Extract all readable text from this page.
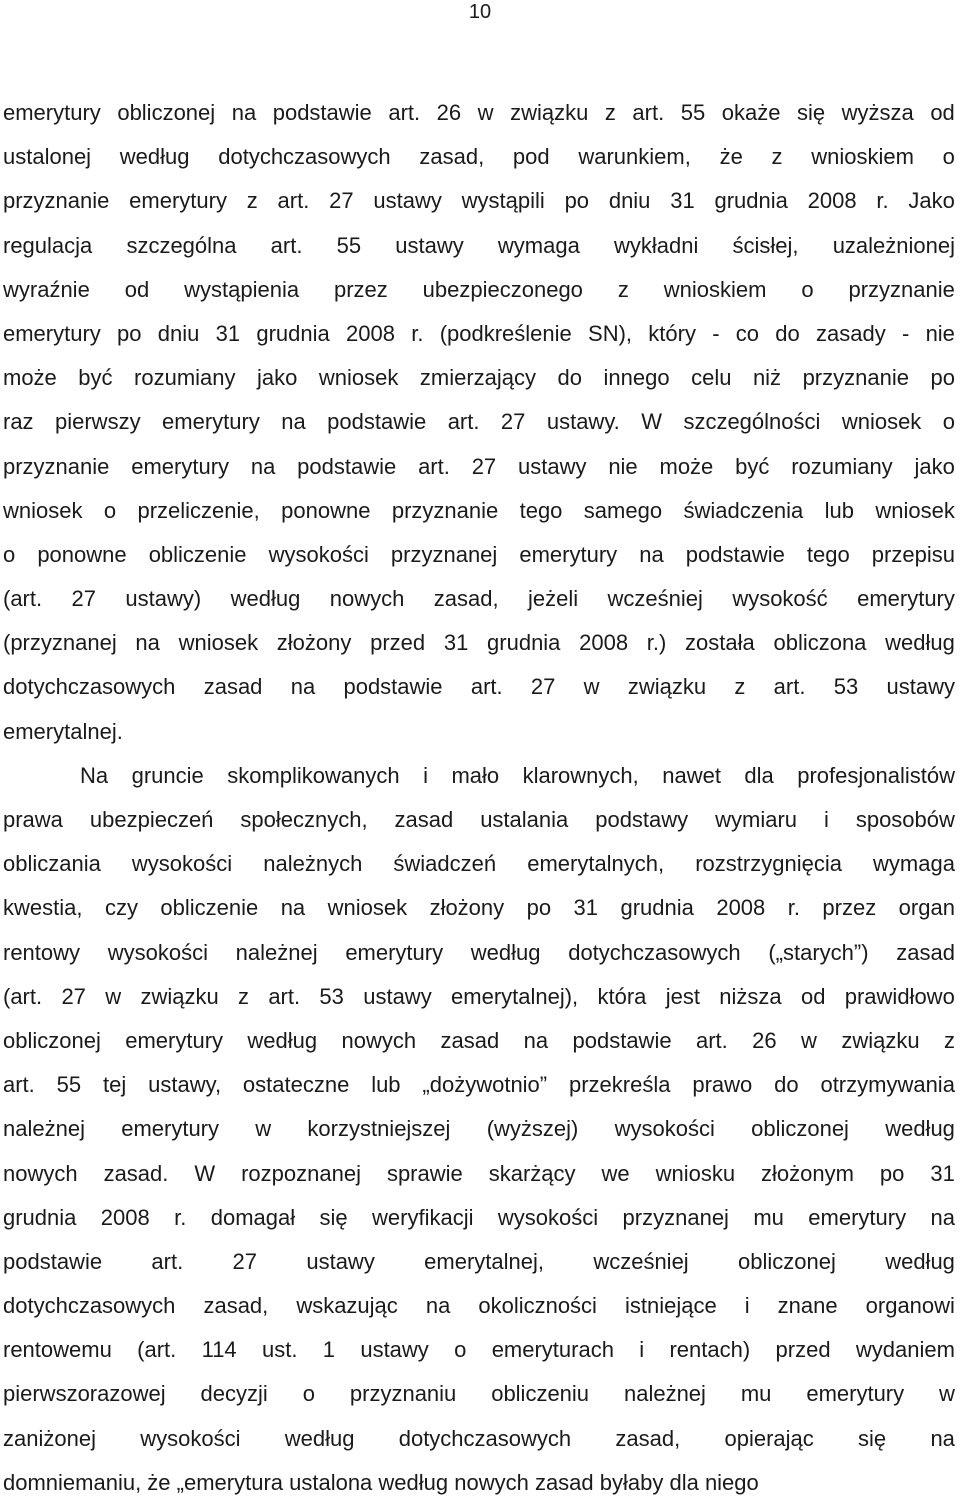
10
emerytury obliczonej na podstawie art. 26 w związku z art. 55 okaże się wyższa od
ustalonej według dotychczasowych zasad, pod warunkiem, że z wnioskiem o
przyznanie emerytury z art. 27 ustawy wystąpili po dniu 31 grudnia 2008 r. Jako
regulacja szczególna art. 55 ustawy wymaga wykładni ścisłej, uzależnionej
wyraźnie od wystąpienia przez ubezpieczonego z wnioskiem o przyznanie
emerytury po dniu 31 grudnia 2008 r. (podkreślenie SN), który - co do zasady - nie
może być rozumiany jako wniosek zmierzający do innego celu niż przyznanie po
raz pierwszy emerytury na podstawie art. 27 ustawy. W szczególności wniosek o
przyznanie emerytury na podstawie art. 27 ustawy nie może być rozumiany jako
wniosek o przeliczenie, ponowne przyznanie tego samego świadczenia lub wniosek
o ponowne obliczenie wysokości przyznanej emerytury na podstawie tego przepisu
(art. 27 ustawy) według nowych zasad, jeżeli wcześniej wysokość emerytury
(przyznanej na wniosek złożony przed 31 grudnia 2008 r.) została obliczona według
dotychczasowych zasad na podstawie art. 27 w związku z art. 53 ustawy
emerytalnej.
Na gruncie skomplikowanych i mało klarownych, nawet dla profesjonalistów
prawa ubezpieczeń społecznych, zasad ustalania podstawy wymiaru i sposobów
obliczania wysokości należnych świadczeń emerytalnych, rozstrzygnięcia wymaga
kwestia, czy obliczenie na wniosek złożony po 31 grudnia 2008 r. przez organ
rentowy wysokości należnej emerytury według dotychczasowych („starych”) zasad
(art. 27 w związku z art. 53 ustawy emerytalnej), która jest niższa od prawidłowo
obliczonej emerytury według nowych zasad na podstawie art. 26 w związku z
art. 55 tej ustawy, ostateczne lub „dożywotnio” przekreśla prawo do otrzymywania
należnej emerytury w korzystniejszej (wyższej) wysokości obliczonej według
nowych zasad. W rozpoznanej sprawie skarżący we wniosku złożonym po 31
grudnia 2008 r. domagał się weryfikacji wysokości przyznanej mu emerytury na
podstawie art. 27 ustawy emerytalnej, wcześniej obliczonej według
dotychczasowych zasad, wskazując na okoliczności istniejące i znane organowi
rentowemu (art. 114 ust. 1 ustawy o emeryturach i rentach) przed wydaniem
pierwszorazowej decyzji o przyznaniu obliczeniu należnej mu emerytury w
zaniżonej wysokości według dotychczasowych zasad, opierając się na
domniemaniu, że „emerytura ustalona według nowych zasad byłaby dla niego
